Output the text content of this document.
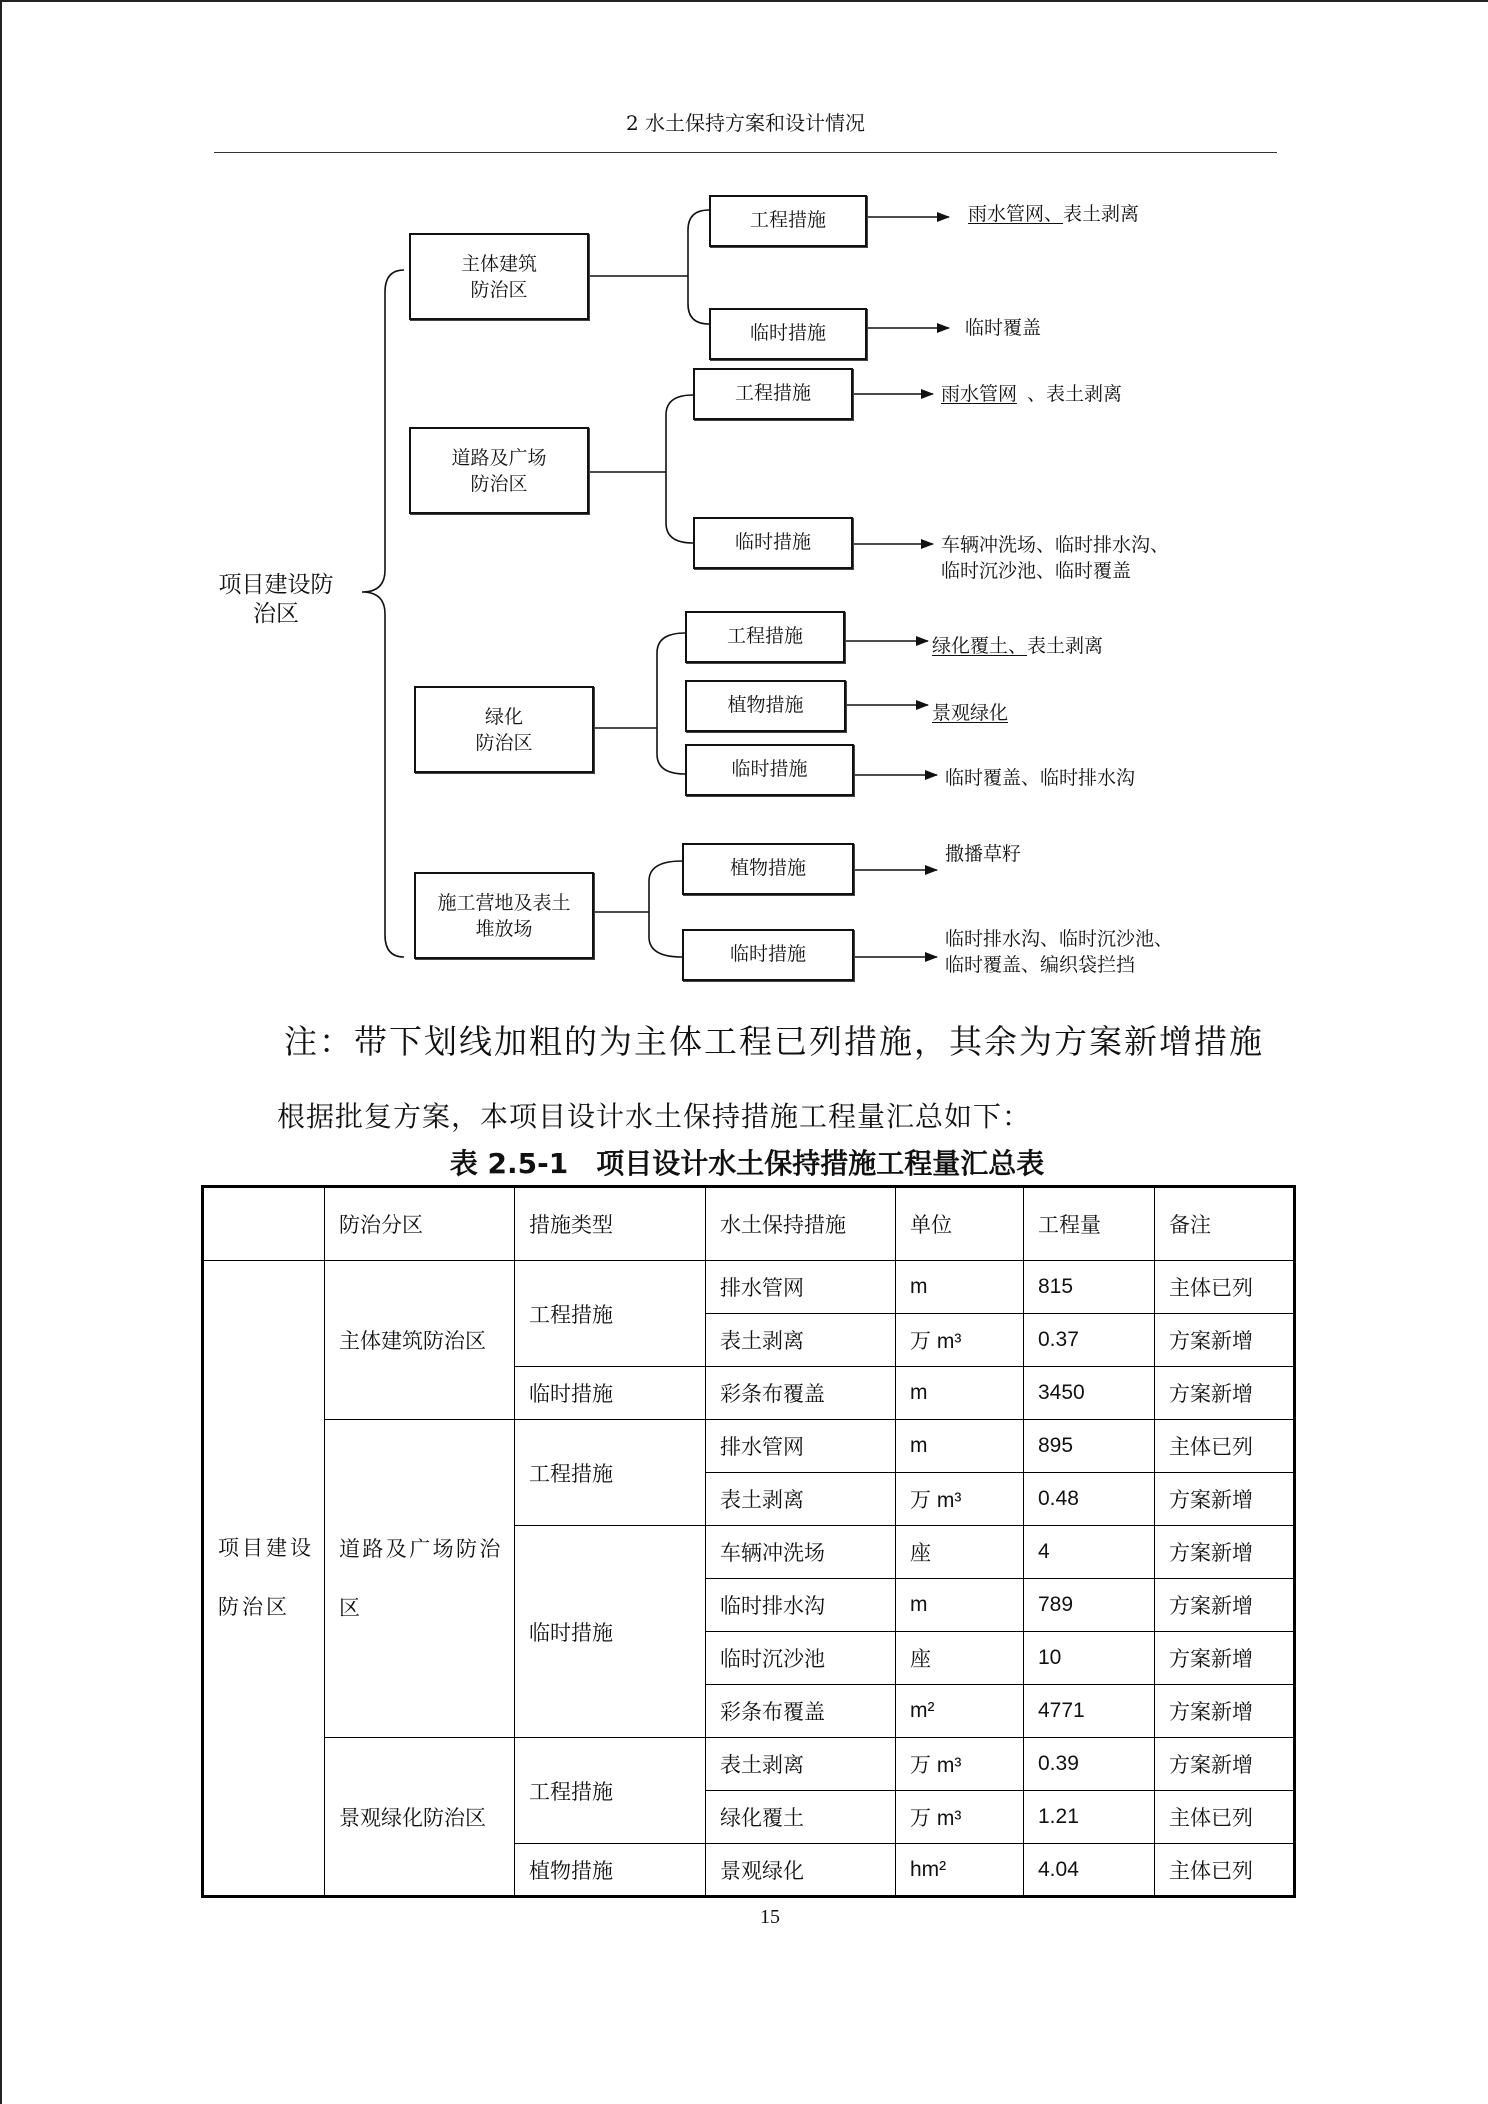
2 水土保持方案和设计情况
项目建设防
治区
主体建筑
防治区
道路及广场
防治区
绿化
防治区
施工营地及表土
堆放场
工程措施
临时措施
工程措施
临时措施
工程措施
植物措施
临时措施
植物措施
临时措施
雨水管网、表土剥离
临时覆盖
雨水管网 、表土剥离
车辆冲洗场、临时排水沟、
临时沉沙池、临时覆盖
绿化覆土、表土剥离
景观绿化
临时覆盖、临时排水沟
撒播草籽
临时排水沟、临时沉沙池、
临时覆盖、编织袋拦挡
注：带下划线加粗的为主体工程已列措施，其余为方案新增措施
根据批复方案，本项目设计水土保持措施工程量汇总如下：
表 2.5-1 项目设计水土保持措施工程量汇总表
	防治分区	措施类型	水土保持措施	单位	工程量	备注
项目建设防治区	主体建筑防治区	工程措施	排水管网	m	815	主体已列
			表土剥离	万 m³	0.37	方案新增
		临时措施	彩条布覆盖	m	3450	方案新增
	道路及广场防治区	工程措施	排水管网	m	895	主体已列
			表土剥离	万 m³	0.48	方案新增
		临时措施	车辆冲洗场	座	4	方案新增
			临时排水沟	m	789	方案新增
			临时沉沙池	座	10	方案新增
			彩条布覆盖	m²	4771	方案新增
	景观绿化防治区	工程措施	表土剥离	万 m³	0.39	方案新增
			绿化覆土	万 m³	1.21	主体已列
		植物措施	景观绿化	hm²	4.04	主体已列
15
